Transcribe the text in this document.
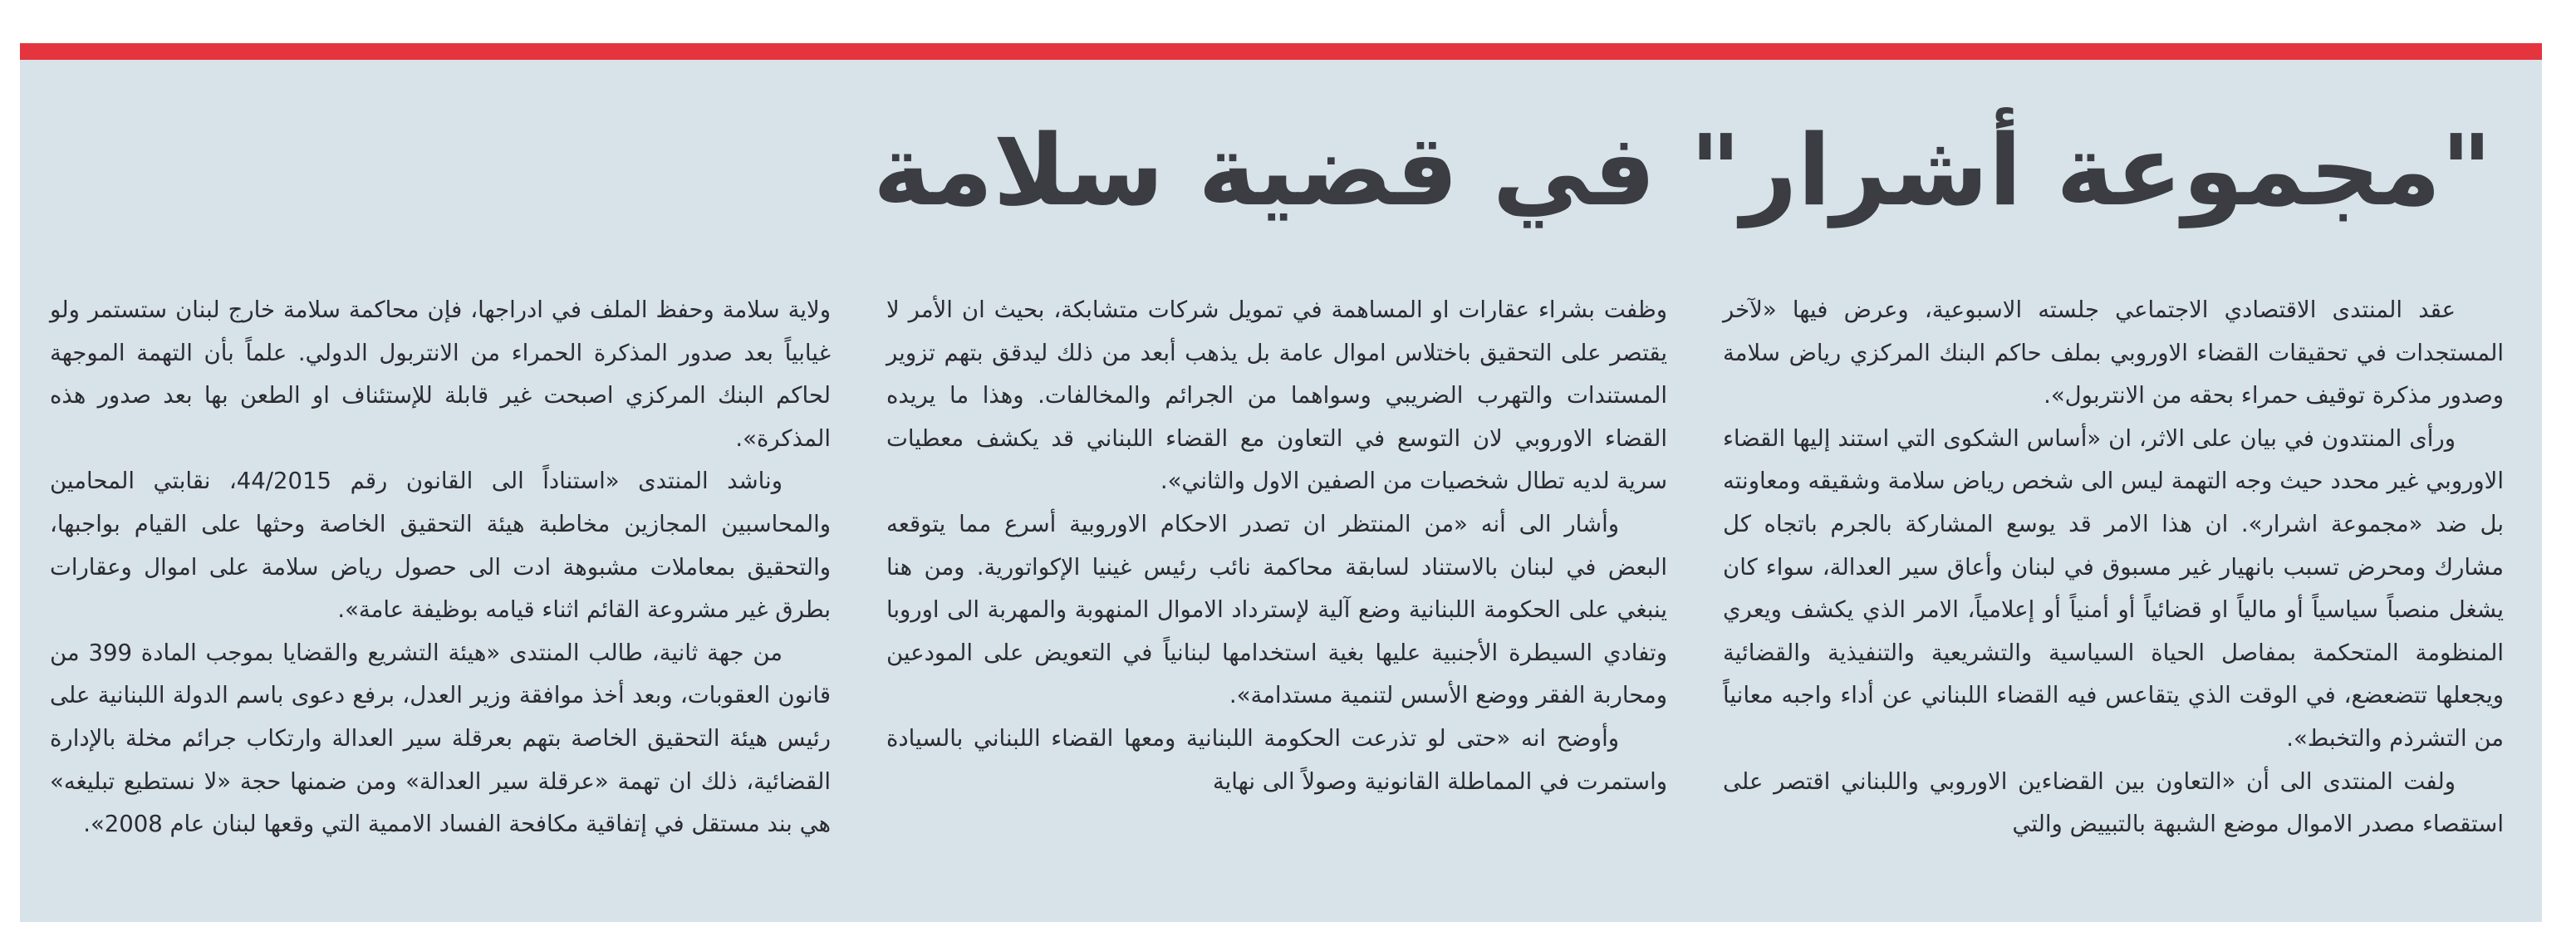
"مجموعة أشرار" في قضية سلامة

عقد المنتدى الاقتصادي الاجتماعي جلسته الاسبوعية، وعرض فيها «لآخر المستجدات في تحقيقات القضاء الاوروبي بملف حاكم البنك المركزي رياض سلامة وصدور مذكرة توقيف حمراء بحقه من الانتربول».

ورأى المنتدون في بيان على الاثر، ان «أساس الشكوى التي استند إليها القضاء الاوروبي غير محدد حيث وجه التهمة ليس الى شخص رياض سلامة وشقيقه ومعاونته بل ضد «مجموعة اشرار». ان هذا الامر قد يوسع المشاركة بالجرم باتجاه كل مشارك ومحرض تسبب بانهيار غير مسبوق في لبنان وأعاق سير العدالة، سواء كان يشغل منصباً سياسياً أو مالياً او قضائياً أو أمنياً أو إعلامياً، الامر الذي يكشف ويعري المنظومة المتحكمة بمفاصل الحياة السياسية والتشريعية والتنفيذية والقضائية ويجعلها تتضعضع، في الوقت الذي يتقاعس فيه القضاء اللبناني عن أداء واجبه معانياً من التشرذم والتخبط».

ولفت المنتدى الى أن «التعاون بين القضاءين الاوروبي واللبناني اقتصر على استقصاء مصدر الاموال موضع الشبهة بالتبييض والتي

وظفت بشراء عقارات او المساهمة في تمويل شركات متشابكة، بحيث ان الأمر لا يقتصر على التحقيق باختلاس اموال عامة بل يذهب أبعد من ذلك ليدقق بتهم تزوير المستندات والتهرب الضريبي وسواهما من الجرائم والمخالفات. وهذا ما يريده القضاء الاوروبي لان التوسع في التعاون مع القضاء اللبناني قد يكشف معطيات سرية لديه تطال شخصيات من الصفين الاول والثاني».

وأشار الى أنه «من المنتظر ان تصدر الاحكام الاوروبية أسرع مما يتوقعه البعض في لبنان بالاستناد لسابقة محاكمة نائب رئيس غينيا الإكواتورية. ومن هنا ينبغي على الحكومة اللبنانية وضع آلية لإسترداد الاموال المنهوبة والمهربة الى اوروبا وتفادي السيطرة الأجنبية عليها بغية استخدامها لبنانياً في التعويض على المودعين ومحاربة الفقر ووضع الأسس لتنمية مستدامة».

وأوضح انه «حتى لو تذرعت الحكومة اللبنانية ومعها القضاء اللبناني بالسيادة واستمرت في المماطلة القانونية وصولاً الى نهاية

ولاية سلامة وحفظ الملف في ادراجها، فإن محاكمة سلامة خارج لبنان ستستمر ولو غيابياً بعد صدور المذكرة الحمراء من الانتربول الدولي. علماً بأن التهمة الموجهة لحاكم البنك المركزي اصبحت غير قابلة للإستئناف او الطعن بها بعد صدور هذه المذكرة».

وناشد المنتدى «استناداً الى القانون رقم 44/2015، نقابتي المحامين والمحاسبين المجازين مخاطبة هيئة التحقيق الخاصة وحثها على القيام بواجبها، والتحقيق بمعاملات مشبوهة ادت الى حصول رياض سلامة على اموال وعقارات بطرق غير مشروعة القائم اثناء قيامه بوظيفة عامة».

من جهة ثانية، طالب المنتدى «هيئة التشريع والقضايا بموجب المادة 399 من قانون العقوبات، وبعد أخذ موافقة وزير العدل، برفع دعوى باسم الدولة اللبنانية على رئيس هيئة التحقيق الخاصة بتهم بعرقلة سير العدالة وارتكاب جرائم مخلة بالإدارة القضائية، ذلك ان تهمة «عرقلة سير العدالة» ومن ضمنها حجة «لا نستطيع تبليغه» هي بند مستقل في إتفاقية مكافحة الفساد الاممية التي وقعها لبنان عام 2008».
